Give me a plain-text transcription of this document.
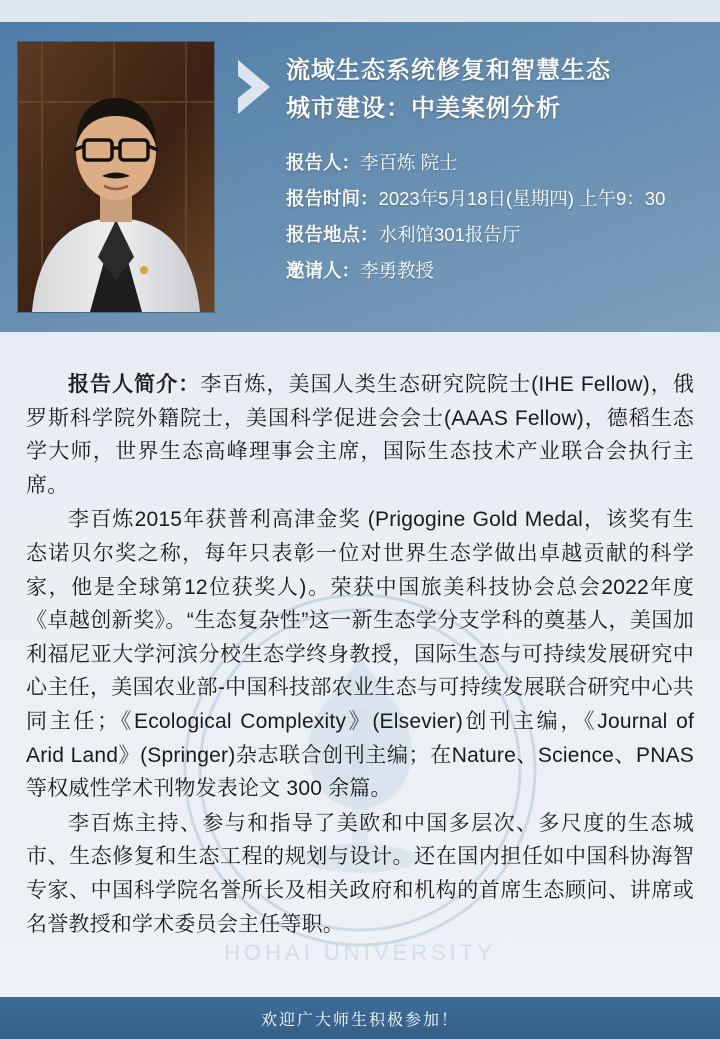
HOHAI UNIVERSITY
流域生态系统修复和智慧生态
城市建设：中美案例分析
报告人：李百炼 院士
报告时间：2023年5月18日(星期四) 上午9：30
报告地点：水利馆301报告厅
邀请人：李勇教授

报告人简介：李百炼，美国人类生态研究院院士(IHE Fellow)，俄罗斯科学院外籍院士，美国科学促进会会士(AAAS Fellow)，德稻生态学大师，世界生态高峰理事会主席，国际生态技术产业联合会执行主席。

李百炼2015年获普利高津金奖 (Prigogine Gold Medal，该奖有生态诺贝尔奖之称，每年只表彰一位对世界生态学做出卓越贡献的科学家，他是全球第12位获奖人)。荣获中国旅美科技协会总会2022年度《卓越创新奖》。“生态复杂性”这一新生态学分支学科的奠基人，美国加利福尼亚大学河滨分校生态学终身教授，国际生态与可持续发展研究中心主任，美国农业部-中国科技部农业生态与可持续发展联合研究中心共同主任；《Ecological Complexity》(Elsevier)创刊主编，《Journal of Arid Land》(Springer)杂志联合创刊主编；在Nature、Science、PNAS等权威性学术刊物发表论文 300 余篇。

李百炼主持、参与和指导了美欧和中国多层次、多尺度的生态城市、生态修复和生态工程的规划与设计。还在国内担任如中国科协海智专家、中国科学院名誉所长及相关政府和机构的首席生态顾问、讲席或名誉教授和学术委员会主任等职。

欢迎广大师生积极参加！
